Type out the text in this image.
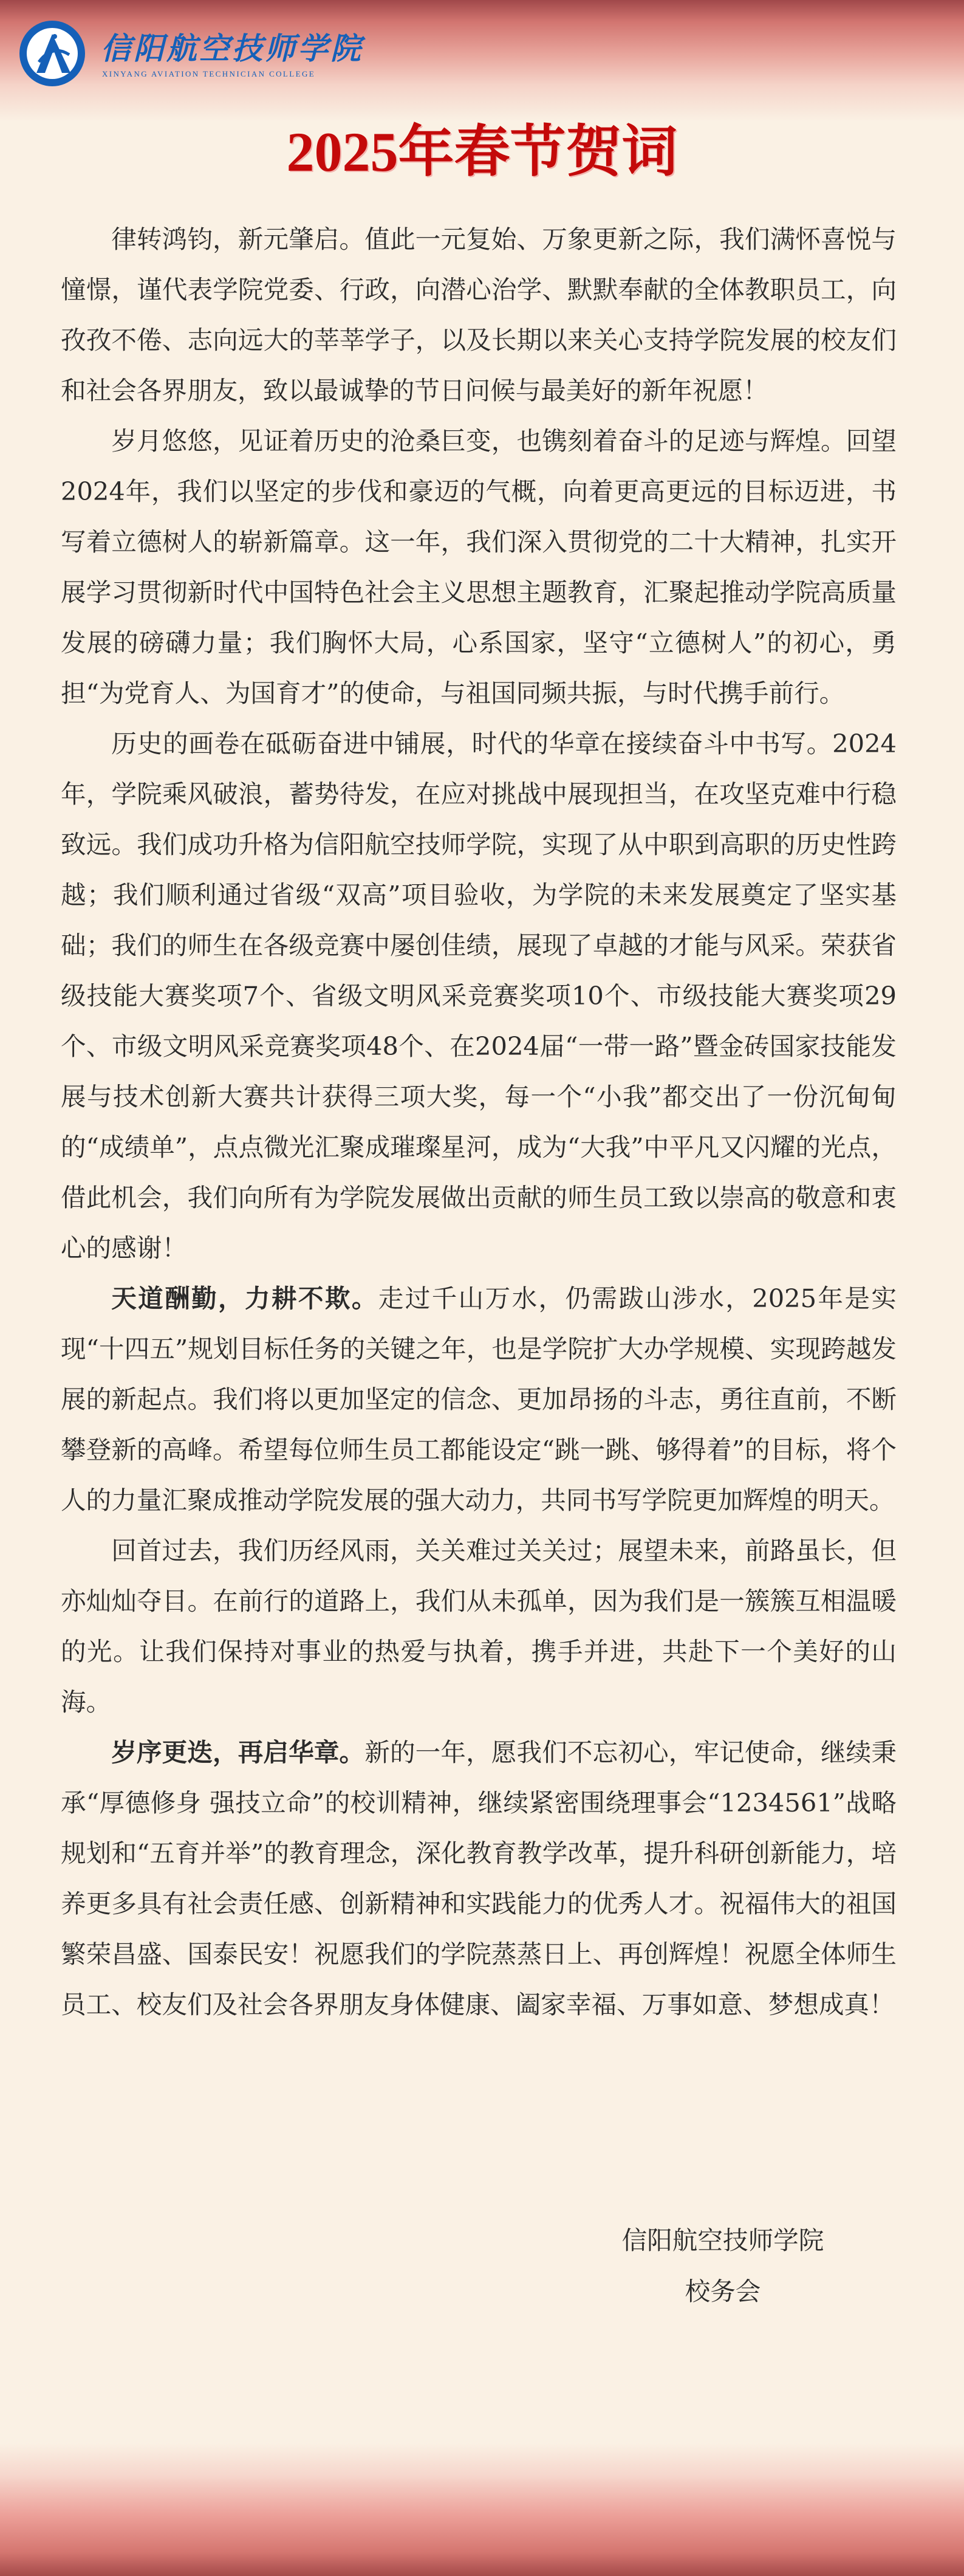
信阳航空技师学院
XINYANG AVIATION TECHNICIAN COLLEGE
2025年春节贺词

律转鸿钧，新元肇启。值此一元复始、万象更新之际，我们满怀喜悦与憧憬，谨代表学院党委、行政，向潜心治学、默默奉献的全体教职员工，向孜孜不倦、志向远大的莘莘学子，以及长期以来关心支持学院发展的校友们和社会各界朋友，致以最诚挚的节日问候与最美好的新年祝愿！

岁月悠悠，见证着历史的沧桑巨变，也镌刻着奋斗的足迹与辉煌。回望2024年，我们以坚定的步伐和豪迈的气概，向着更高更远的目标迈进，书写着立德树人的崭新篇章。这一年，我们深入贯彻党的二十大精神，扎实开展学习贯彻新时代中国特色社会主义思想主题教育，汇聚起推动学院高质量发展的磅礴力量；我们胸怀大局，心系国家，坚守“立德树人”的初心，勇担“为党育人、为国育才”的使命，与祖国同频共振，与时代携手前行。

历史的画卷在砥砺奋进中铺展，时代的华章在接续奋斗中书写。2024年，学院乘风破浪，蓄势待发，在应对挑战中展现担当，在攻坚克难中行稳致远。我们成功升格为信阳航空技师学院，实现了从中职到高职的历史性跨越；我们顺利通过省级“双高”项目验收，为学院的未来发展奠定了坚实基础；我们的师生在各级竞赛中屡创佳绩，展现了卓越的才能与风采。荣获省级技能大赛奖项7个、省级文明风采竞赛奖项10个、市级技能大赛奖项29个、市级文明风采竞赛奖项48个、在2024届“一带一路”暨金砖国家技能发展与技术创新大赛共计获得三项大奖，每一个“小我”都交出了一份沉甸甸的“成绩单”，点点微光汇聚成璀璨星河，成为“大我”中平凡又闪耀的光点，借此机会，我们向所有为学院发展做出贡献的师生员工致以崇高的敬意和衷心的感谢！

天道酬勤，力耕不欺。走过千山万水，仍需跋山涉水，2025年是实现“十四五”规划目标任务的关键之年，也是学院扩大办学规模、实现跨越发展的新起点。我们将以更加坚定的信念、更加昂扬的斗志，勇往直前，不断攀登新的高峰。希望每位师生员工都能设定“跳一跳、够得着”的目标，将个人的力量汇聚成推动学院发展的强大动力，共同书写学院更加辉煌的明天。

回首过去，我们历经风雨，关关难过关关过；展望未来，前路虽长，但亦灿灿夺目。在前行的道路上，我们从未孤单，因为我们是一簇簇互相温暖的光。让我们保持对事业的热爱与执着，携手并进，共赴下一个美好的山海。

岁序更迭，再启华章。新的一年，愿我们不忘初心，牢记使命，继续秉承“厚德修身 强技立命”的校训精神，继续紧密围绕理事会“1234561”战略规划和“五育并举”的教育理念，深化教育教学改革，提升科研创新能力，培养更多具有社会责任感、创新精神和实践能力的优秀人才。祝福伟大的祖国繁荣昌盛、国泰民安！祝愿我们的学院蒸蒸日上、再创辉煌！祝愿全体师生员工、校友们及社会各界朋友身体健康、阖家幸福、万事如意、梦想成真！

信阳航空技师学院
校务会
